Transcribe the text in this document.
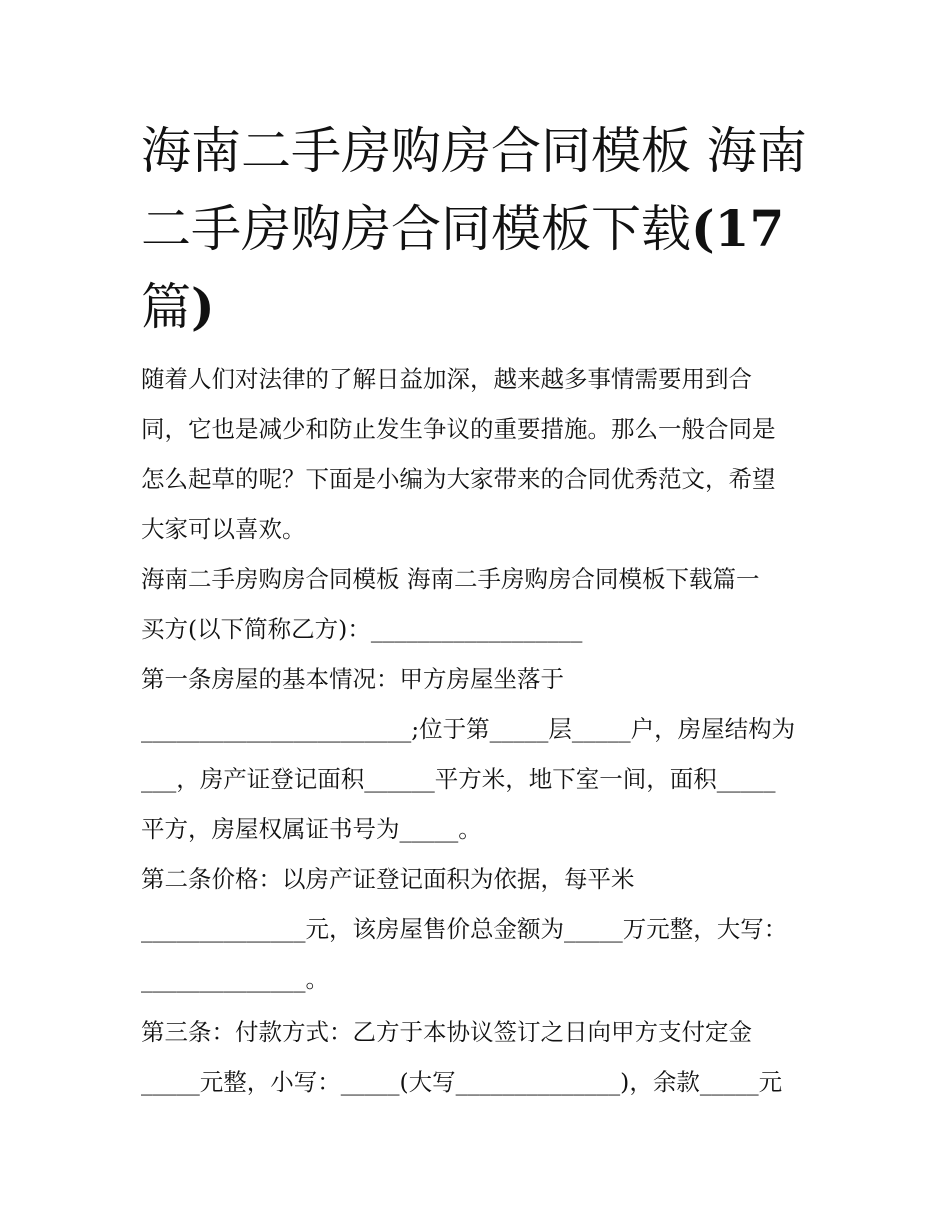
海南二手房购房合同模板 海南
二手房购房合同模板下载(17
篇)

随着人们对法律的了解日益加深，越来越多事情需要用到合
同，它也是减少和防止发生争议的重要措施。那么一般合同是
怎么起草的呢？下面是小编为大家带来的合同优秀范文，希望
大家可以喜欢。

海南二手房购房合同模板 海南二手房购房合同模板下载篇一

买方(以下简称乙方)：__________________

第一条房屋的基本情况：甲方房屋坐落于
_______________________;位于第_____层_____户，房屋结构为
___，房产证登记面积______平方米，地下室一间，面积_____
平方，房屋权属证书号为_____。

第二条价格：以房产证登记面积为依据，每平米
______________元，该房屋售价总金额为_____万元整，大写：
______________。

第三条：付款方式：乙方于本协议签订之日向甲方支付定金
_____元整，小写：_____(大写______________)，余款_____元
